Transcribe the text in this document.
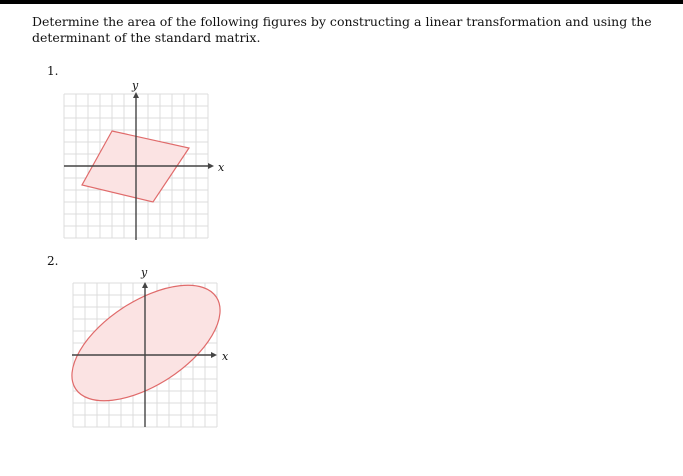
Determine the area of the following figures by constructing a linear transformation and using the determinant of the standard matrix.
1.
x
y
2.
x
y
